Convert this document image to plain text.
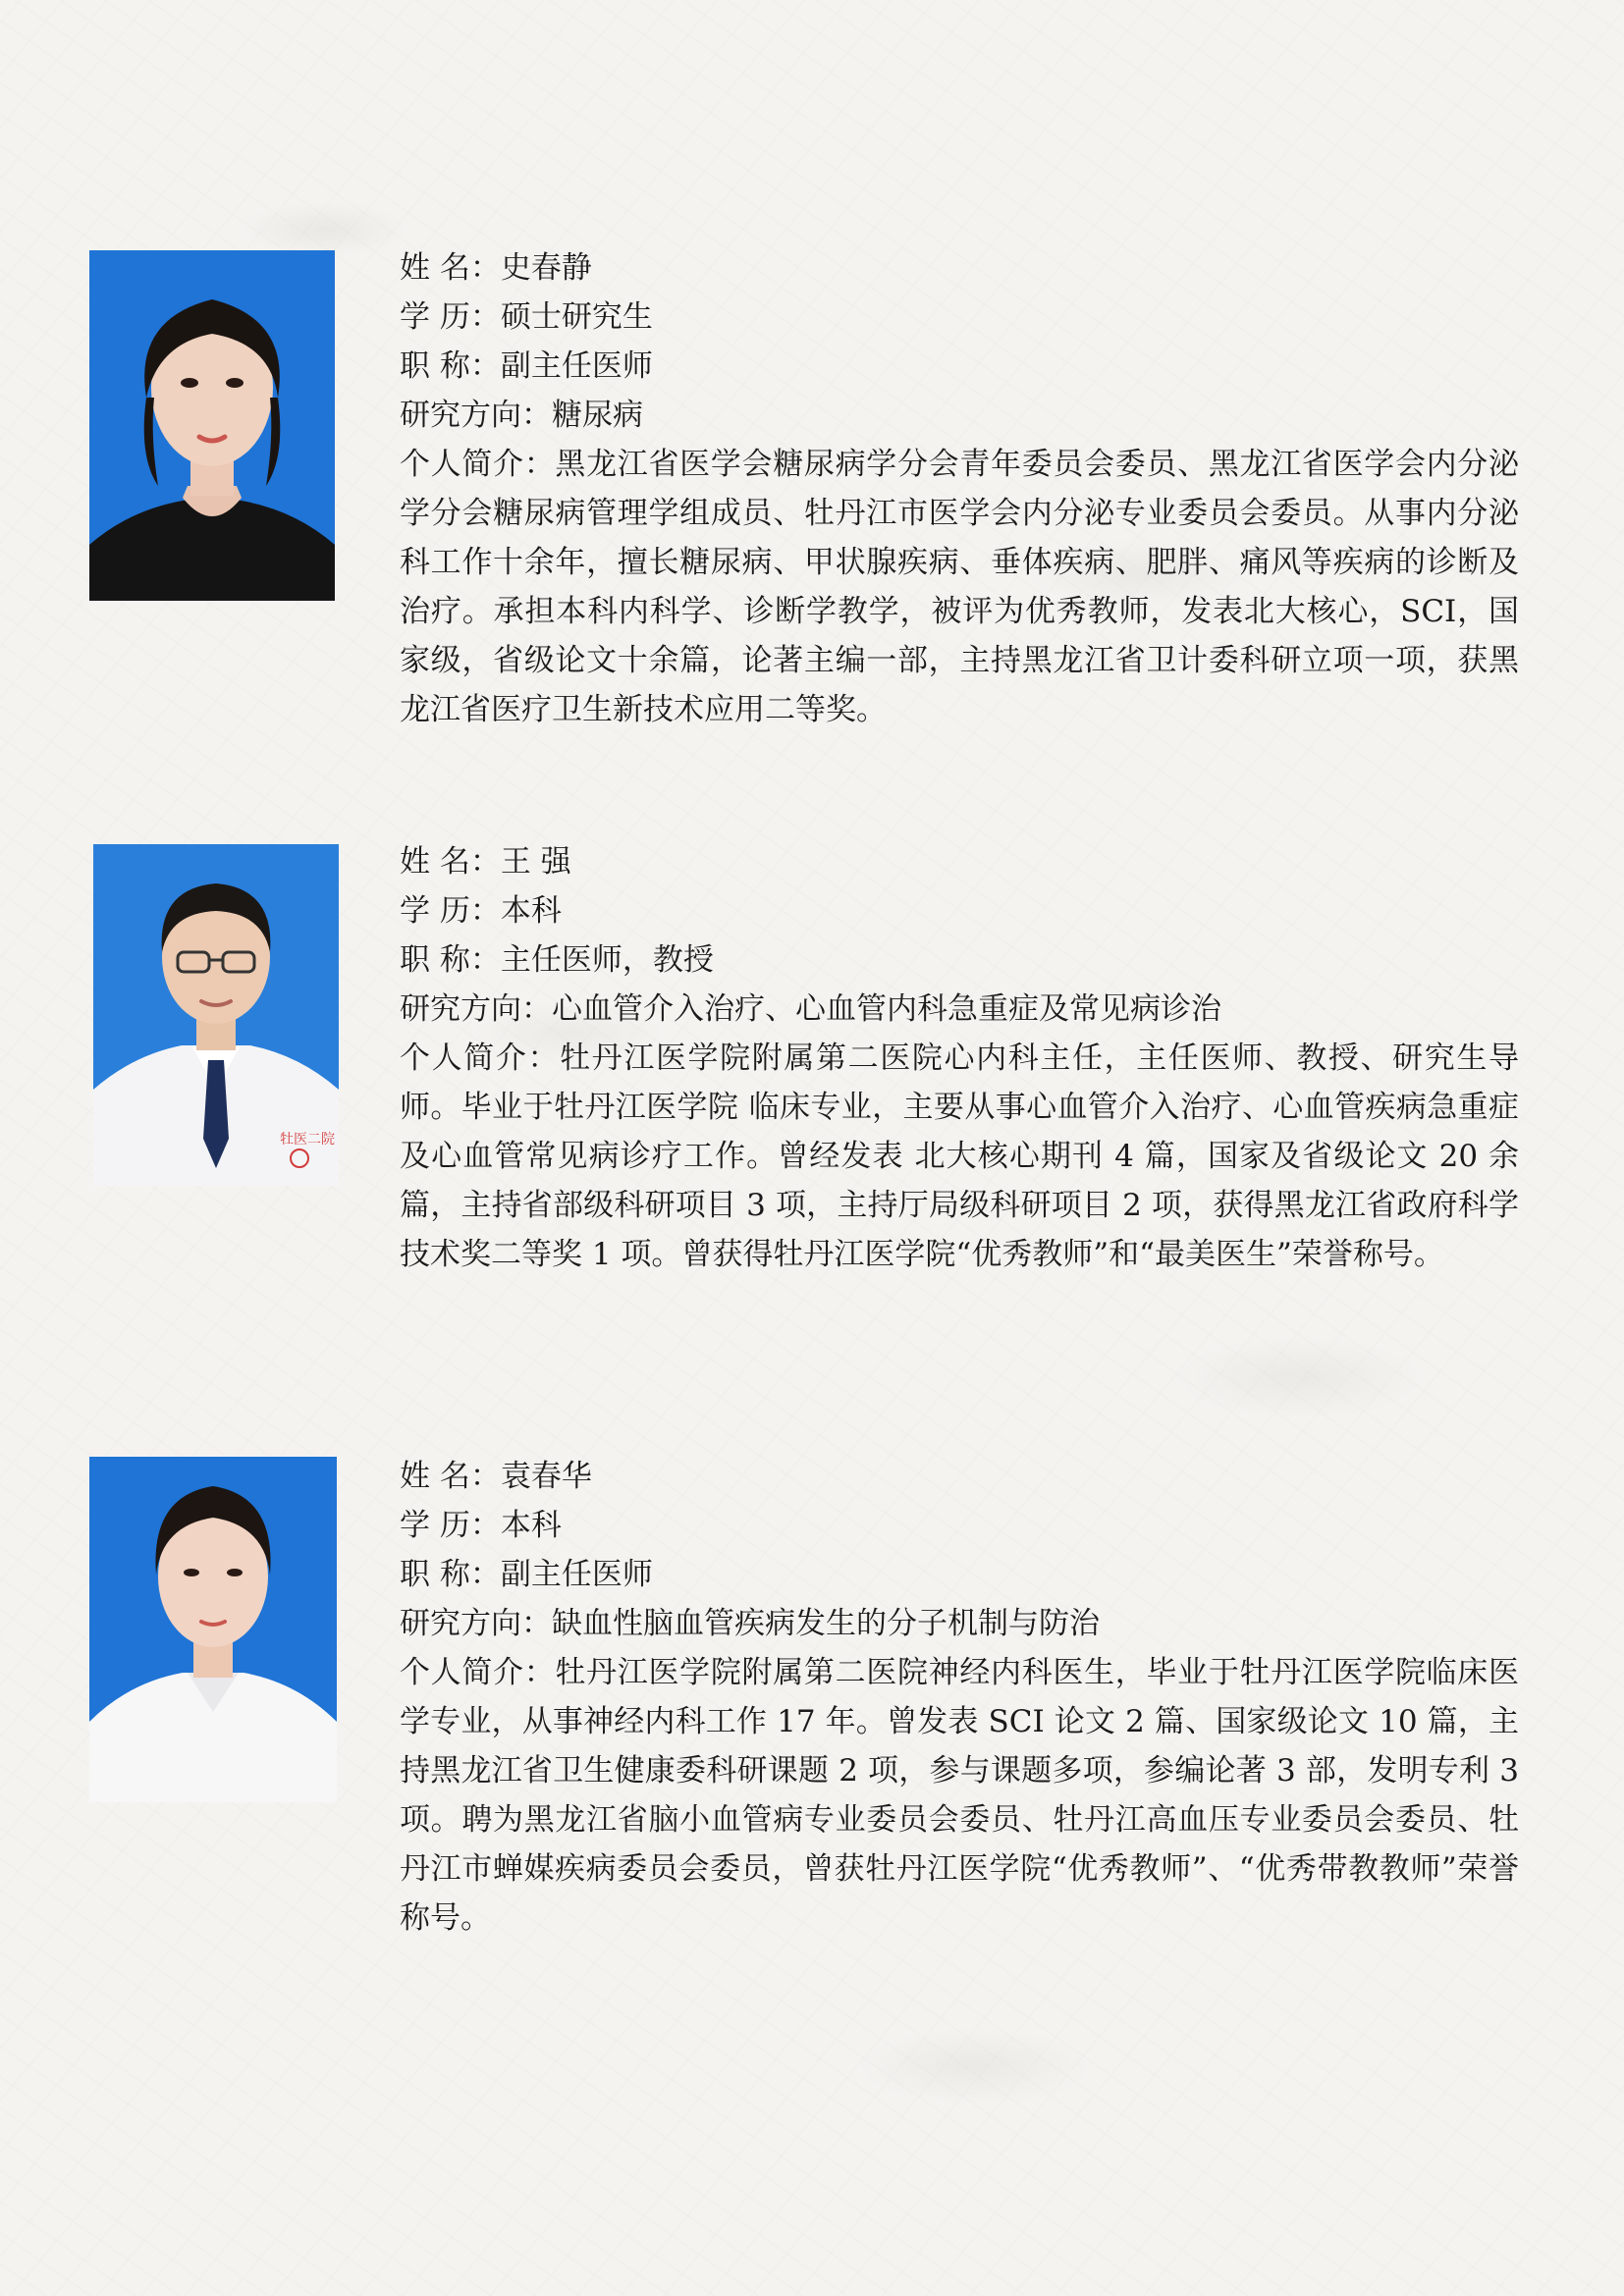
姓 名：史春静
学 历：硕士研究生
职 称：副主任医师
研究方向：糖尿病
个人简介：黑龙江省医学会糖尿病学分会青年委员会委员、黑龙江省医学会内分泌学分会糖尿病管理学组成员、牡丹江市医学会内分泌专业委员会委员。从事内分泌科工作十余年，擅长糖尿病、甲状腺疾病、垂体疾病、肥胖、痛风等疾病的诊断及治疗。承担本科内科学、诊断学教学，被评为优秀教师，发表北大核心，SCI，国家级，省级论文十余篇，论著主编一部，主持黑龙江省卫计委科研立项一项，获黑龙江省医疗卫生新技术应用二等奖。
牡医二院
姓 名：王 强
学 历：本科
职 称：主任医师，教授
研究方向：心血管介入治疗、心血管内科急重症及常见病诊治
个人简介：牡丹江医学院附属第二医院心内科主任，主任医师、教授、研究生导师。毕业于牡丹江医学院 临床专业，主要从事心血管介入治疗、心血管疾病急重症及心血管常见病诊疗工作。曾经发表 北大核心期刊 4 篇，国家及省级论文 20 余篇，主持省部级科研项目 3 项，主持厅局级科研项目 2 项，获得黑龙江省政府科学技术奖二等奖 1 项。曾获得牡丹江医学院“优秀教师”和“最美医生”荣誉称号。
姓 名：袁春华
学 历：本科
职 称：副主任医师
研究方向：缺血性脑血管疾病发生的分子机制与防治
个人简介：牡丹江医学院附属第二医院神经内科医生，毕业于牡丹江医学院临床医学专业，从事神经内科工作 17 年。曾发表 SCI 论文 2 篇、国家级论文 10 篇，主持黑龙江省卫生健康委科研课题 2 项，参与课题多项，参编论著 3 部，发明专利 3 项。聘为黑龙江省脑小血管病专业委员会委员、牡丹江高血压专业委员会委员、牡丹江市蝉媒疾病委员会委员，曾获牡丹江医学院“优秀教师”、“优秀带教教师”荣誉称号。
